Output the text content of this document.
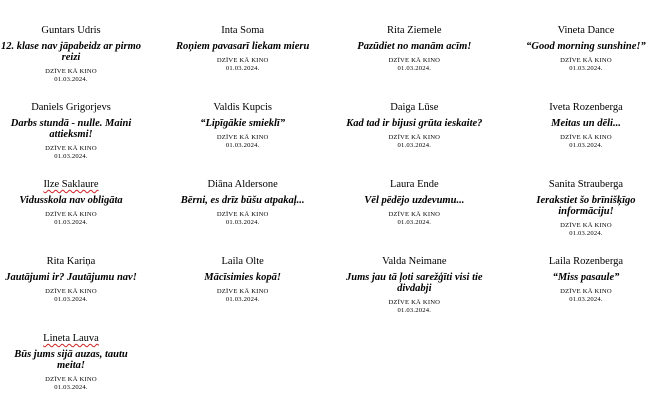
Guntars Udris
12. klase nav jāpabeidz ar pirmo reizi
DZĪVE KĀ KINO
01.03.2024.
Inta Soma
Roņiem pavasarī liekam mieru
DZĪVE KĀ KINO
01.03.2024.
Rita Ziemele
Pazūdiet no manām acīm!
DZĪVE KĀ KINO
01.03.2024.
Vineta Dance
“Good morning sunshine!”
DZĪVE KĀ KINO
01.03.2024.
Daniels Grigorjevs
Darbs stundā - nulle. Maini attieksmi!
DZĪVE KĀ KINO
01.03.2024.
Valdis Kupcis
“Lipīgākie smieklī”
DZĪVE KĀ KINO
01.03.2024.
Daiga Lūse
Kad tad ir bijusi grūta ieskaite?
DZĪVE KĀ KINO
01.03.2024.
Iveta Rozenberga
Meitas un dēli...
DZĪVE KĀ KINO
01.03.2024.
Ilze Saklaure
Vidusskola nav obligāta
DZĪVE KĀ KINO
01.03.2024.
Diāna Aldersone
Bērni, es drīz būšu atpakaļ...
DZĪVE KĀ KINO
01.03.2024.
Laura Ende
Vēl pēdējo uzdevumu...
DZĪVE KĀ KINO
01.03.2024.
Sanita Strauberga
Ierakstiet šo brīnišķīgo informāciju!
DZĪVE KĀ KINO
01.03.2024.
Rita Kariņa
Jautājumi ir? Jautājumu nav!
DZĪVE KĀ KINO
01.03.2024.
Laila Olte
Mācīsimies kopā!
DZĪVE KĀ KINO
01.03.2024.
Valda Neimane
Jums jau tā ļoti sarežģīti visi tie divdabji
DZĪVE KĀ KINO
01.03.2024.
Laila Rozenberga
“Miss pasaule”
DZĪVE KĀ KINO
01.03.2024.
Lineta Lauva
Būs jums sijā auzas, tautu meita!
DZĪVE KĀ KINO
01.03.2024.
